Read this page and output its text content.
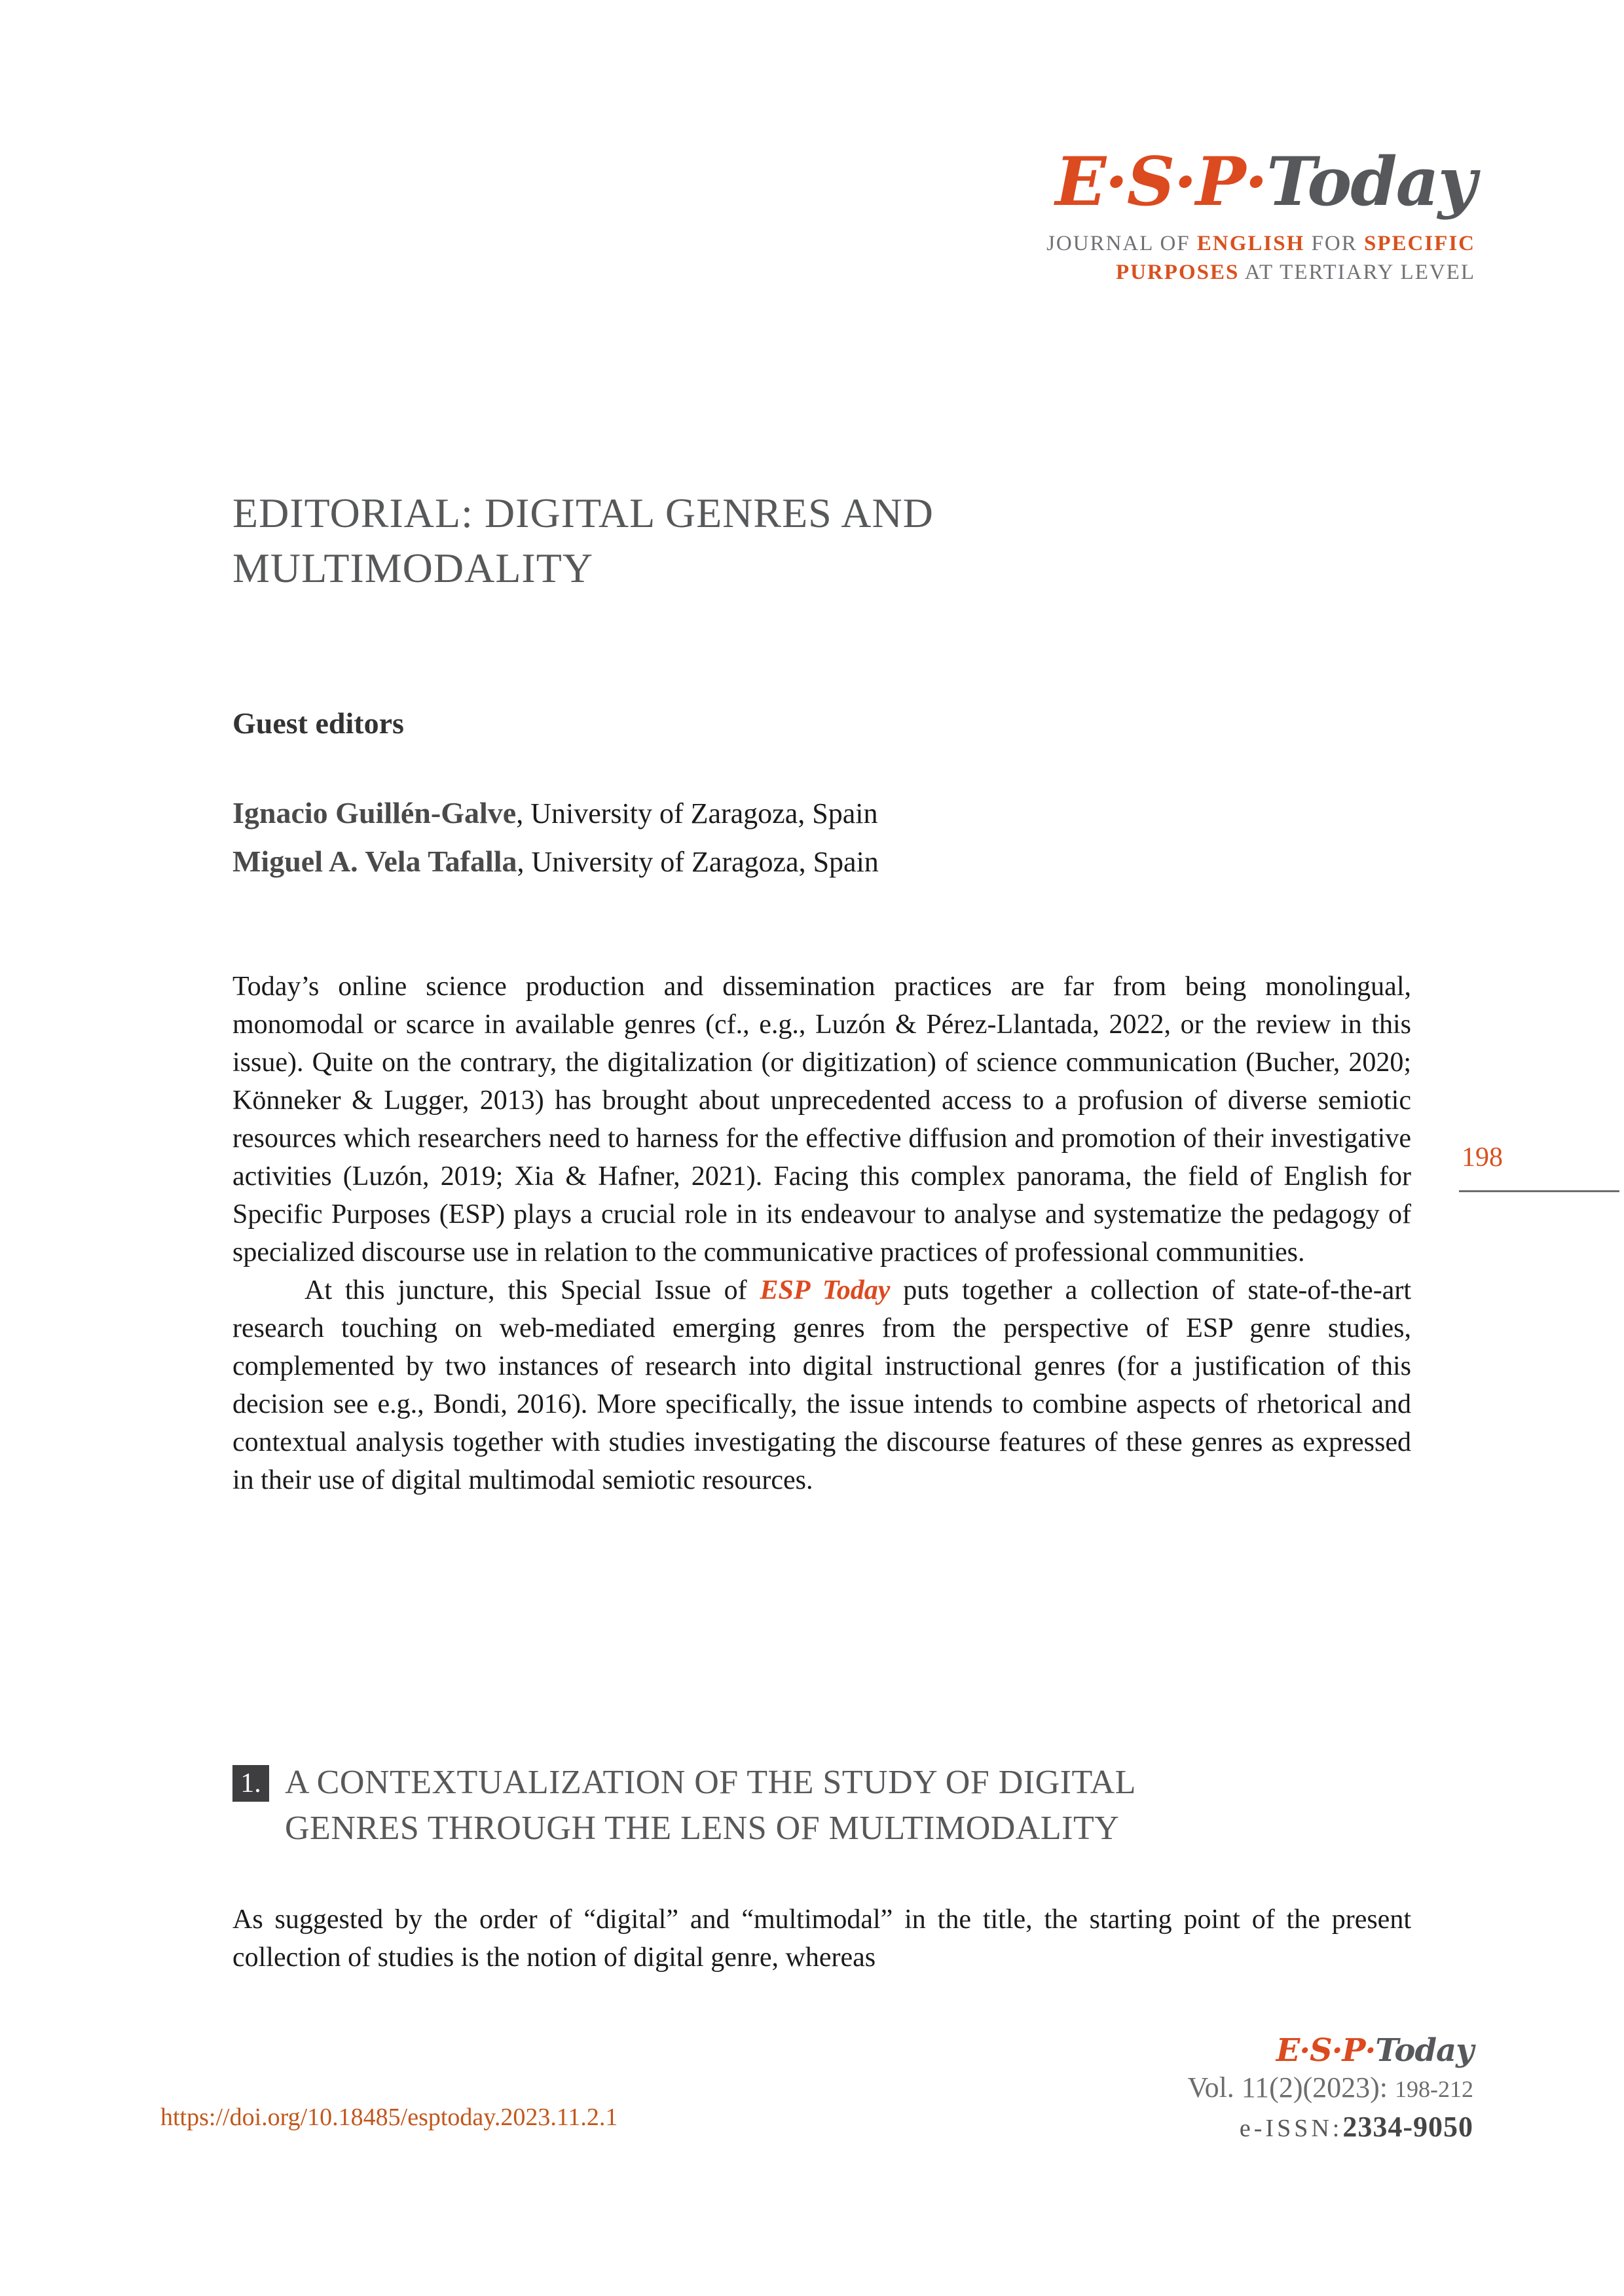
E·S·P·Today
JOURNAL OF ENGLISH FOR SPECIFIC
PURPOSES AT TERTIARY LEVEL
EDITORIAL: DIGITAL GENRES AND
MULTIMODALITY
Guest editors
Ignacio Guillén-Galve, University of Zaragoza, Spain
Miguel A. Vela Tafalla, University of Zaragoza, Spain

Today’s online science production and dissemination practices are far from being monolingual, monomodal or scarce in available genres (cf., e.g., Luzón & Pérez-Llantada, 2022, or the review in this issue). Quite on the contrary, the digitalization (or digitization) of science communication (Bucher, 2020; Könneker & Lugger, 2013) has brought about unprecedented access to a profusion of diverse semiotic resources which researchers need to harness for the effective diffusion and promotion of their investigative activities (Luzón, 2019; Xia & Hafner, 2021). Facing this complex panorama, the field of English for Specific Purposes (ESP) plays a crucial role in its endeavour to analyse and systematize the pedagogy of specialized discourse use in relation to the communicative practices of professional communities.

At this juncture, this Special Issue of ESP Today puts together a collection of state-of-the-art research touching on web-mediated emerging genres from the perspective of ESP genre studies, complemented by two instances of research into digital instructional genres (for a justification of this decision see e.g., Bondi, 2016). More specifically, the issue intends to combine aspects of rhetorical and contextual analysis together with studies investigating the discourse features of these genres as expressed in their use of digital multimodal semiotic resources.

198
1. A CONTEXTUALIZATION OF THE STUDY OF DIGITAL
GENRES THROUGH THE LENS OF MULTIMODALITY

As suggested by the order of “digital” and “multimodal” in the title, the starting point of the present collection of studies is the notion of digital genre, whereas

https://doi.org/10.18485/esptoday.2023.11.2.1
E·S·P·Today
Vol. 11(2)(2023): 198-212
e-ISSN:2334-9050
